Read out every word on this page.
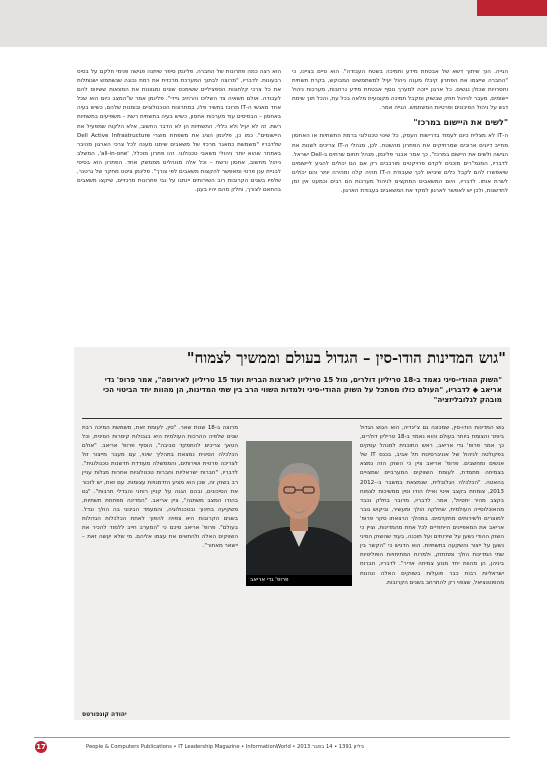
הוא רצה כמה פתרונות של החברה. פלינמן סיפר שיתנה פגישה פנימי חלקם על בסיס רבעונות. לדבריו, "מרוצה לבתוך המערכת מרכזית את רמת נכונה שנשתמש ישנותלות את כל צרכי קלחונות הספציליים ששימכס שונים ומגוונות את המצאות ששיווס להם לעבודה. אולם חשאיה צד השליכו והרחיב גיידי". פלינמן אמר ש"המצב כיום הוא שכל אחד מאנשי ה-IT מרוכז בתשיר פלו, במתרונות הטכנולוגיים ובומנות שלהם, כשיש בעיה באחסון – הבסיסים עוד מערכות אחסון, כשיש בעיה בתשתית רשת – משפיעים בתשתיות רשת. זה לא יעיל ולא כללי. התשתיות הן לא הדבר החשוב, אלא הלקוח שמפעיל את היישומים". כמו כן, פלינמן הציג את משפחת מוצרי Dell Active Infrastructure שלדבריו "משמשת כמאגר מרכזי של משאבים שיתנו מענה לכל צרכי הארגון מהיבר באתחר שהוא יותר ניהולי משאבי טכנולוגי. זהו פתרון מוכלל, 'all-in-one', המשלב ניהול מחשוב, אחסון ורשת – וכל אלה מנוהלים מממשק אחד. הפתרון הוא בסיסי לבניית ענן פרטי ומאפשר להקצות משאבים לפי צורך". פלינמן ציטט מחקר של גרטנר, שלפיו בשנים הקרובות רוב השירותים יינתנו על גבי פתרונות מרכזיים, שיקצו משאבים בהתאם לצורך, וחלק מהם יהיו בענן.
הגייה. הוך שיתוך דשא של אבטחת מידע ותמיכה בשטח העבודה". הוא סיים בציינו, כי "החברה שייצמו את הפתרון קיבלו מענה ניהול יעיל למשתמשים המבוקש, בקרת תשתית וחסרויות שכולן נגשים. כל ארגון ייזכה למערך נוסף אבטחת מידע נרחבות, מערכות ניהול יישומים, מעבר לניהול חוזק שבשוק ומקבל תמיכה מקצועית מלאה בכל עת, והכל תוך שימת דגש על ניהול הסיכונים ופרטיות המשתמש. הגייה אמר.
"לשים את היישום במרכז"
ה-IT לא מצליח כיום לעמוד בדרישות העסק, כל שינוי טכנולוגי ברמת התשתיות או האחסון מחייב דיונים ארוכים שמרחיקים את הפתרון מהשטח. לכן, מנהלי ה-IT צריכים לשנות את הגישה ולשים את היישום במרכז", כך אמר אבנר פלינמן, מנהל תחום שרתים ב-Dell ישראל. לדבריו, המנמ"רים מוכנים לקדם פרויקטים מורכבים רק אם הם יכולים להגיע ליישומים שיאפשרו להם לקבל כלים שיביאו לכך שעבודת ה-IT תהיה קלה ומהירה יותר והם יכולים לשרת אותו. לדבריו, היום המשאבים המוקצים לניהול מערכות הם רבים וכמעט אין זמן לחדשנות, ולכן יש לאפשר לארגון למקד את המשאבים בעבודת הארגון.
"גוש המדינות הודו-סין – הגדול בעולם וממשיך לצמוח"
"השוק ההודי-סיני נאמד ב-18 טריליון דולרים, מול 15 טריליון לארצות הברית ועוד 15 טריליון לאירופה", אמר פרופ' גדי אריאב ◆ לדבריו, "העולם כולו מסתכל על השוק ההודי-סיני ולמדות השווי הרב בין שתי המדינות, הן מהוות יחד הביטוי הכי מובהק לגלובליזציה"
גוש המדינות הודו-סין, שמכונה גם צ'ינדיה, הוא הגוש הגדול ביותר והצומח ביותר בעולם והוא נאמד ב-18 טריליון דולרים, כך אמר פרופ' גדי אריאב, ראש התוכנית למנהל עסקים בפקולטה לניהול של אוניברסיטת תל אביב, בכנס IT של אנשים ומחשבים. פרופ' אריאב ציין כי השוק הזה נמצא בצמיחה מתמדת, לעומת השווקים המערביים שמצויים בהאטה. "הכלכלה הגלובלית, שנמצאת במשבר ב-2012-2013, צומחת בקצב איטי ואילו הודו וסין ממשיכות לצמוח בקצב מהיר יחסית", אמר. לדבריו, מדובר בחלק נכבד מהאוכלוסייה העולמית, שחלקה הולך ומעשיר, וביקוש גובר למוצרים ולשירותים מתקדמים. במהלך הרצאתו סקר פרופ' אריאב את המאפיינים הייחודיים לכל אחת מהמדינות, וציין כי השוק ההודי נשען על שירותים ועל תוכנה, בעוד שהשוק הסיני נשען על ייצור והשקעה בתשתיות. הוא הדגיש כי "הקשר בין שתי המדינות הולך ומתחזק, ולמרות המתיחויות הפוליטיות ביניהן, הן מהוות יחד מנוע צמיחה אדיר". לדבריו, חברות ישראליות רבות כבר פועלות בשווקים האלה ונהנות מהפוטנציאל, שצפוי רק להתרחב בשנים הקרובות.
מרוצה ב-18 שנות שאר. "סין, לעומת זאת, משמשת המיכה רבת שנים שלפיה ההרכות העולמית היא בגבולות קיסרות הסינית, וכל הטאך צריכים להתמקד סביבה", הוסיף פרופ' אריאב. "אולם הכלכלה הסינית נמצאת בתהליך שינוי, עם מעבר מייצור זול לצריכה פרטית ושירותים, והממשלה מעודדת חדשנות טכנולוגית". לדבריו, "חברות ישראליות וחברות טכנולוגיות אחרות מגלות עניין רב בשוק זה, שכן הוא מציע הזדמנויות עצומות. עם זאת, יש לזכור את הסיכונים, ובהם הגנה על קניין רוחני והבדלי תרבות". "גם בהודו המצב משתנה", ציין אריאב. "המדינה מפתחת תשתיות, משקיעה בחינוך ובטכנולוגיה, והמעמד הבינוני בה הולך וגדל. בשנים הקרובות היא צפויה להפוך לאחת הכלכלות הגדולות בעולם". פרופ' אריאב סיכם כי "המערב חייב ללמוד להכיר את השווקים האלה ולהתאים את עצמו אליהם. מי שלא יעשה זאת – יישאר מאחור".
פרופ' גדי אריאב
יהודה קונפורטס
17	People & Computers Publications • IT Leadership Magazine • InformationWorld • 2013 גיליון 1391 • 14 בפבר
